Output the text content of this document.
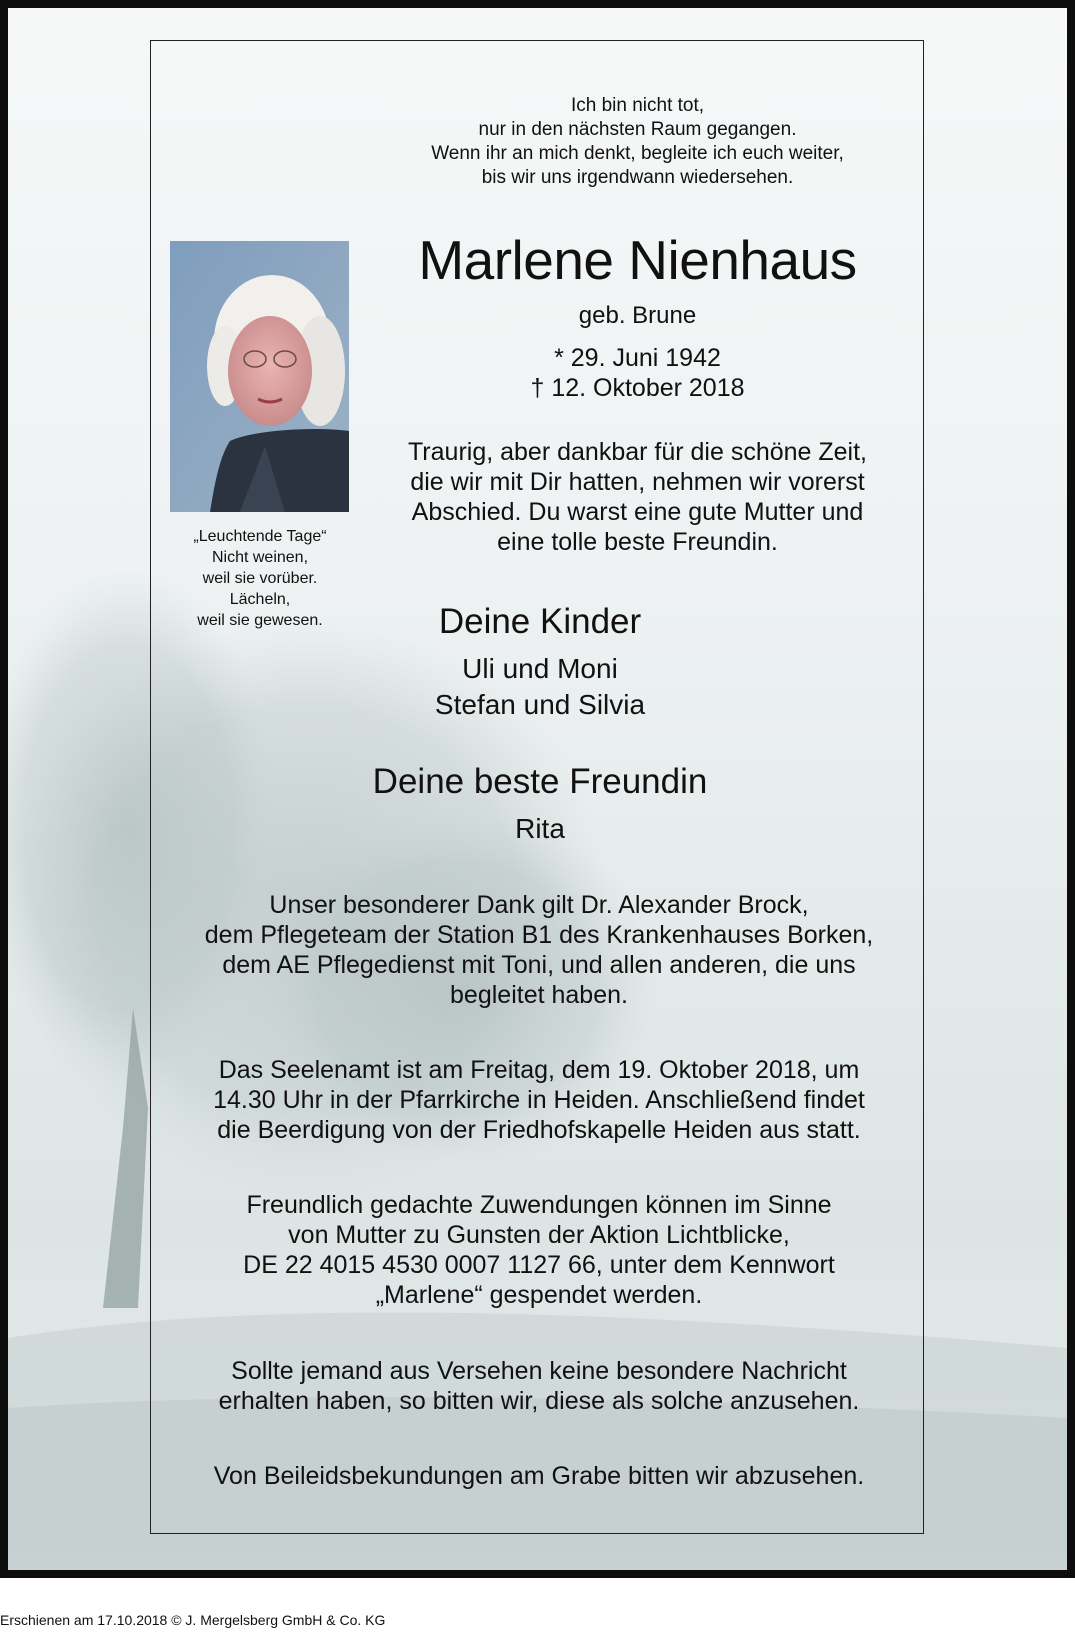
Ich bin nicht tot,
nur in den nächsten Raum gegangen.
Wenn ihr an mich denkt, begleite ich euch weiter,
bis wir uns irgendwann wiedersehen.
Marlene Nienhaus
geb. Brune
* 29. Juni 1942
† 12. Oktober 2018
Traurig, aber dankbar für die schöne Zeit,
die wir mit Dir hatten, nehmen wir vorerst
Abschied. Du warst eine gute Mutter und
eine tolle beste Freundin.
„Leuchtende Tage“
Nicht weinen,
weil sie vorüber.
Lächeln,
weil sie gewesen.	Deine Kinder
Uli und Moni
Stefan und Silvia
Deine beste Freundin
Rita
Unser besonderer Dank gilt Dr. Alexander Brock,
dem Pflegeteam der Station B1 des Krankenhauses Borken,
dem AE Pflegedienst mit Toni, und allen anderen, die uns
begleitet haben.
Das Seelenamt ist am Freitag, dem 19. Oktober 2018, um
14.30 Uhr in der Pfarrkirche in Heiden. Anschließend findet
die Beerdigung von der Friedhofskapelle Heiden aus statt.
Freundlich gedachte Zuwendungen können im Sinne
von Mutter zu Gunsten der Aktion Lichtblicke,
DE 22 4015 4530 0007 1127 66, unter dem Kennwort
„Marlene“ gespendet werden.
Sollte jemand aus Versehen keine besondere Nachricht
erhalten haben, so bitten wir, diese als solche anzusehen.
Von Beileidsbekundungen am Grabe bitten wir abzusehen.
Erschienen am 17.10.2018 © J. Mergelsberg GmbH & Co. KG
